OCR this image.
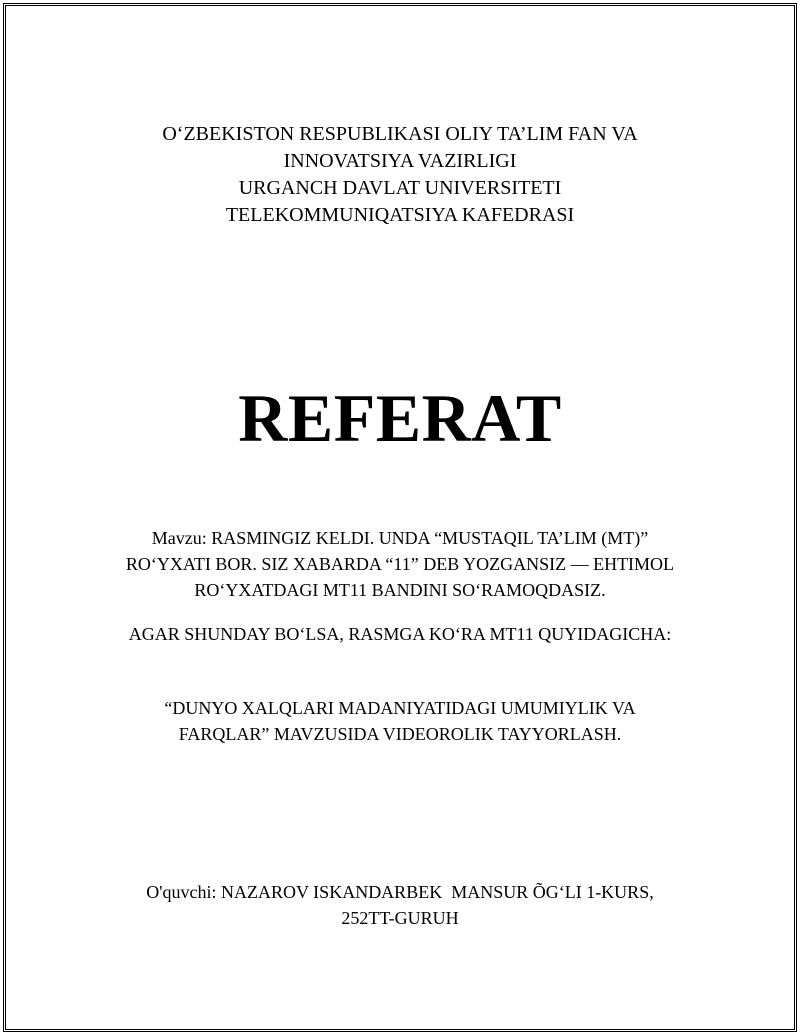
O‘ZBEKISTON RESPUBLIKASI OLIY TA’LIM FAN VA
INNOVATSIYA VAZIRLIGI
URGANCH DAVLAT UNIVERSITETI
TELEKOMMUNIQATSIYA KAFEDRASI
REFERAT
Mavzu: RASMINGIZ KELDI. UNDA “MUSTAQIL TA’LIM (MT)”
RO‘YXATI BOR. SIZ XABARDA “11” DEB YOZGANSIZ — EHTIMOL
RO‘YXATDAGI MT11 BANDINI SO‘RAMOQDASIZ.
AGAR SHUNDAY BO‘LSA, RASMGA KO‘RA MT11 QUYIDAGICHA:
“DUNYO XALQLARI MADANIYATIDAGI UMUMIYLIK VA
FARQLAR” MAVZUSIDA VIDEOROLIK TAYYORLASH.
O'quvchi: NAZAROV ISKANDARBEK  MANSUR ÕG‘LI 1-KURS,
252TT-GURUH
